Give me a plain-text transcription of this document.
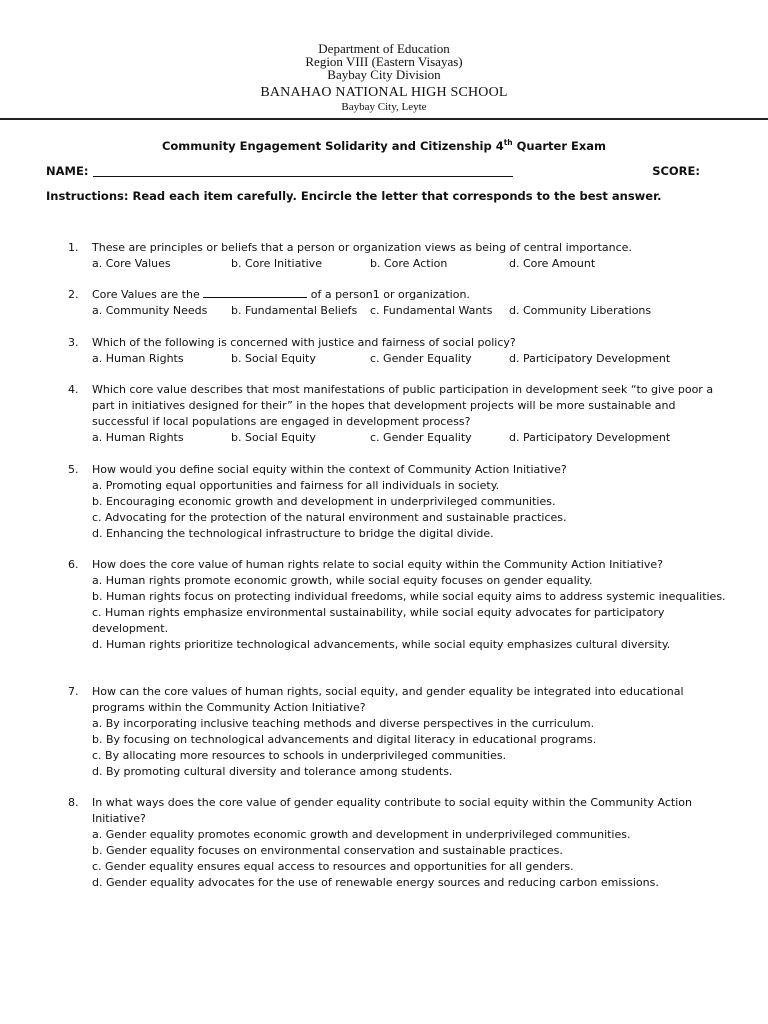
Department of Education
Region VIII (Eastern Visayas)
Baybay City Division
BANAHAO NATIONAL HIGH SCHOOL
Baybay City, Leyte
Community Engagement Solidarity and Citizenship 4th Quarter Exam
NAME:	SCORE:
Instructions: Read each item carefully. Encircle the letter that corresponds to the best answer.
1. These are principles or beliefs that a person or organization views as being of central importance.
a. Core Values	b. Core Initiative	b. Core Action	d. Core Amount
2. Core Values are the	of a person1 or organization.
a. Community Needs b. Fundamental Beliefs c. Fundamental Wants d. Community Liberations
3. Which of the following is concerned with justice and fairness of social policy?
a. Human Rights	b. Social Equity	c. Gender Equality	d. Participatory Development
4. Which core value describes that most manifestations of public participation in development seek “to give poor a part in initiatives designed for their” in the hopes that development projects will be more sustainable and successful if local populations are engaged in development process?
a. Human Rights	b. Social Equity	c. Gender Equality	d. Participatory Development
5. How would you define social equity within the context of Community Action Initiative?
a. Promoting equal opportunities and fairness for all individuals in society.
b. Encouraging economic growth and development in underprivileged communities.
c. Advocating for the protection of the natural environment and sustainable practices.
d. Enhancing the technological infrastructure to bridge the digital divide.
6. How does the core value of human rights relate to social equity within the Community Action Initiative?
a. Human rights promote economic growth, while social equity focuses on gender equality.
b. Human rights focus on protecting individual freedoms, while social equity aims to address systemic inequalities.
c. Human rights emphasize environmental sustainability, while social equity advocates for participatory development.
d. Human rights prioritize technological advancements, while social equity emphasizes cultural diversity.
7. How can the core values of human rights, social equity, and gender equality be integrated into educational programs within the Community Action Initiative?
a. By incorporating inclusive teaching methods and diverse perspectives in the curriculum.
b. By focusing on technological advancements and digital literacy in educational programs.
c. By allocating more resources to schools in underprivileged communities.
d. By promoting cultural diversity and tolerance among students.
8. In what ways does the core value of gender equality contribute to social equity within the Community Action Initiative?
a. Gender equality promotes economic growth and development in underprivileged communities.
b. Gender equality focuses on environmental conservation and sustainable practices.
c. Gender equality ensures equal access to resources and opportunities for all genders.
d. Gender equality advocates for the use of renewable energy sources and reducing carbon emissions.
